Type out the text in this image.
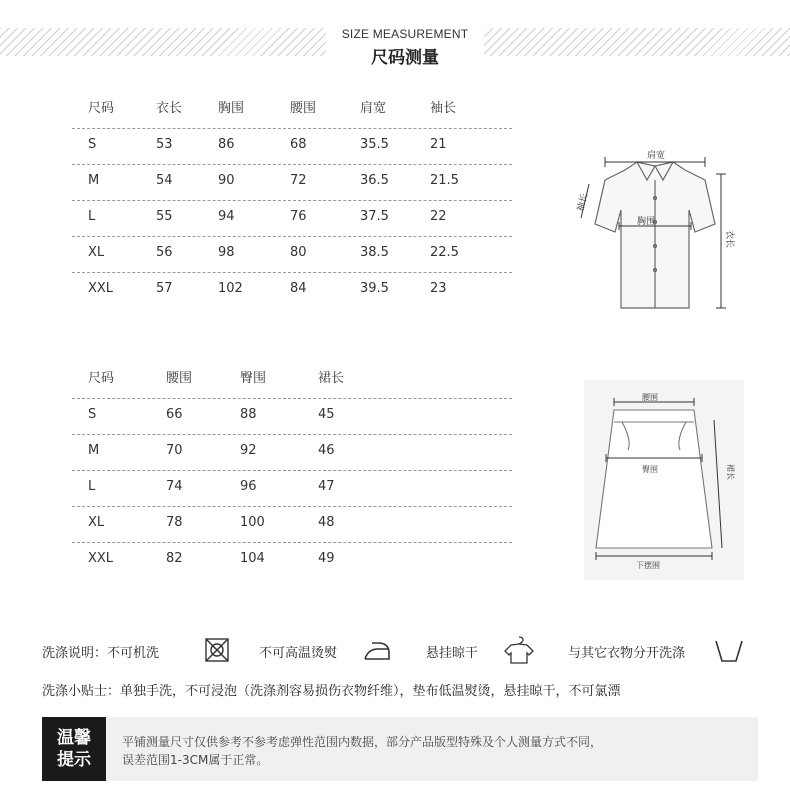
SIZE MEASUREMENT
尺码测量
尺码	衣长	胸围	腰围	肩宽	袖长
S	53	86	68	35.5	21
M	54	90	72	36.5	21.5
L	55	94	76	37.5	22
XL	56	98	80	38.5	22.5
XXL	57	102	84	39.5	23
尺码	腰围	臀围	裙长
S	66	88	45
M	70	92	46
L	74	96	47
XL	78	100	48
XXL	82	104	49
肩宽
胸围
衣长
袖长
腰围
臀围	裙长
下摆围
洗涤说明：不可机洗	不可高温烫熨	悬挂晾干	与其它衣物分开洗涤
洗涤小贴士：单独手洗，不可浸泡（洗涤剂容易损伤衣物纤维），垫布低温熨烫，悬挂晾干，不可氯漂
温馨
提示
平铺测量尺寸仅供参考不参考虑弹性范围内数据，部分产品版型特殊及个人测量方式不同，
误差范围1-3CM属于正常。
